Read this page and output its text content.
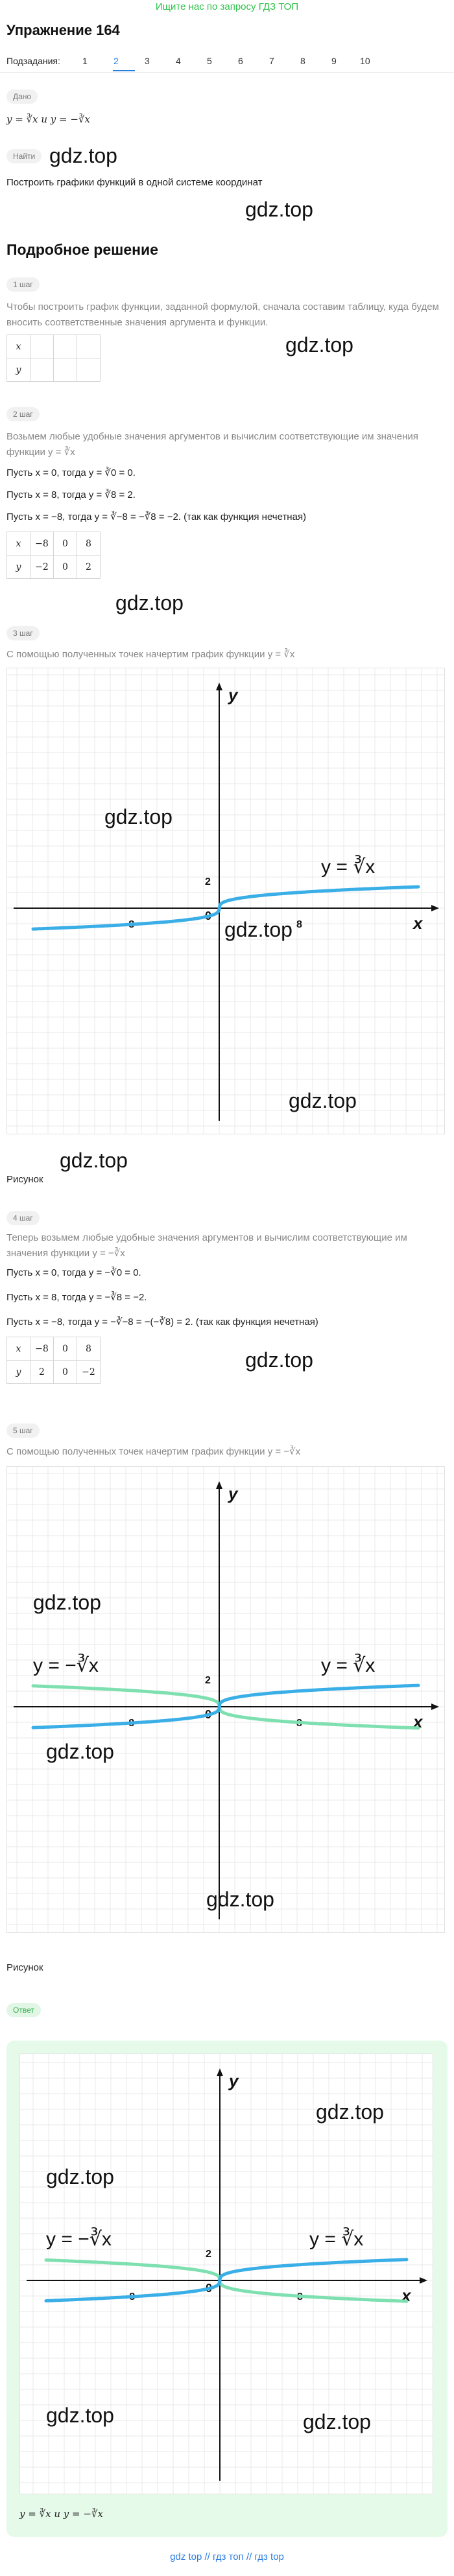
Ищите нас по запросу ГДЗ ТОП
Упражнение 164
Подзадания:	1	2	3	4	5	6	7	8	9	10
Дано
y = ∛x и y = −∛x
Найти gdz.top
Построить графики функций в одной системе координат
gdz.top
Подробное решение
1 шаг
Чтобы построить график функции, заданной формулой, сначала составим таблицу, куда будем вносить соответственные значения аргумента и функции.
gdz.top
x			
y			
2 шаг
Возьмем любые удобные значения аргументов и вычислим соответствующие им значения функции y = ∛x
Пусть x = 0, тогда y = ∛0 = 0.
Пусть x = 8, тогда y = ∛8 = 2.
Пусть x = −8, тогда y = ∛−8 = −∛8 = −2. (так как функция нечетная)
x	−8	0	8
y	−2	0	2
gdz.top
3 шаг
С помощью полученных точек начертим график функции y = ∛x
y
x
0
2
8
-8
y = ∛x
gdz.top
gdz.top
gdz.top
Рисунок
gdz.top
4 шаг
Теперь возьмем любые удобные значения аргументов и вычислим соответствующие им значения функции y = −∛x
Пусть x = 0, тогда y = −∛0 = 0.
Пусть x = 8, тогда y = −∛8 = −2.
Пусть x = −8, тогда y = −∛−8 = −(−∛8) = 2. (так как функция нечетная)
x	−8	0	8
y	2	0	−2
gdz.top
5 шаг
С помощью полученных точек начертим график функции y = −∛x
y
x
0
2
8
-8
y = ∛x
y = −∛x
gdz.top
gdz.top
gdz.top
Рисунок
Ответ
y
x
0
2
8
-8
y = ∛x
y = −∛x
gdz.top
gdz.top
gdz.top	gdz.top
y = ∛x и y = −∛x
gdz top // гдз топ // гдз top
